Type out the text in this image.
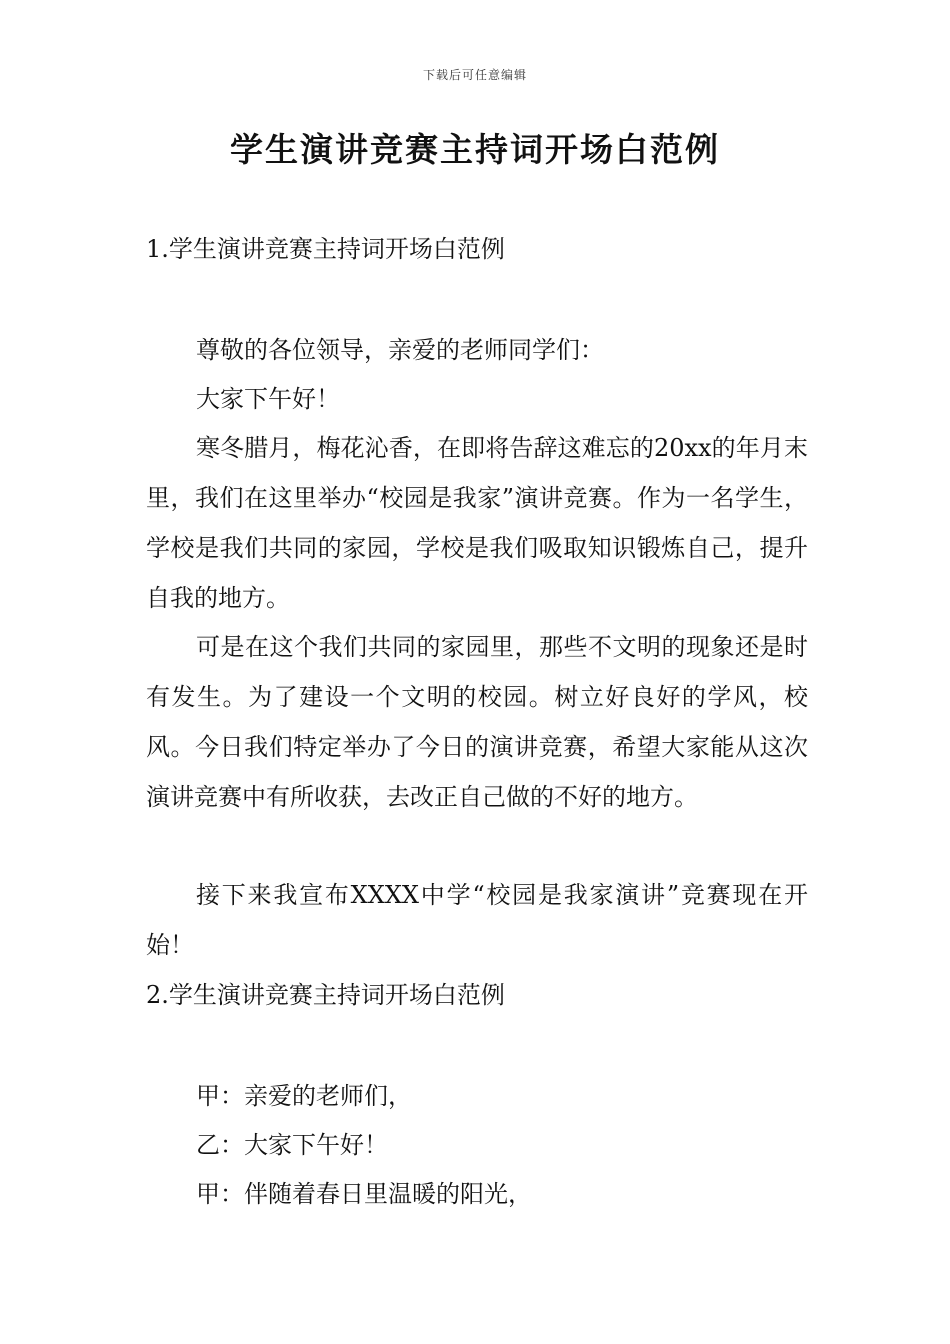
下载后可任意编辑
学生演讲竞赛主持词开场白范例

1.学生演讲竞赛主持词开场白范例

尊敬的各位领导，亲爱的老师同学们：

大家下午好！

寒冬腊月，梅花沁香，在即将告辞这难忘的20xx的年月末里，我们在这里举办“校园是我家”演讲竞赛。作为一名学生，学校是我们共同的家园，学校是我们吸取知识锻炼自己，提升自我的地方。

可是在这个我们共同的家园里，那些不文明的现象还是时有发生。为了建设一个文明的校园。树立好良好的学风，校风。今日我们特定举办了今日的演讲竞赛，希望大家能从这次演讲竞赛中有所收获，去改正自己做的不好的地方。

接下来我宣布XXXX中学“校园是我家演讲”竞赛现在开始！

2.学生演讲竞赛主持词开场白范例

甲：亲爱的老师们，

乙：大家下午好！

甲：伴随着春日里温暖的阳光，
